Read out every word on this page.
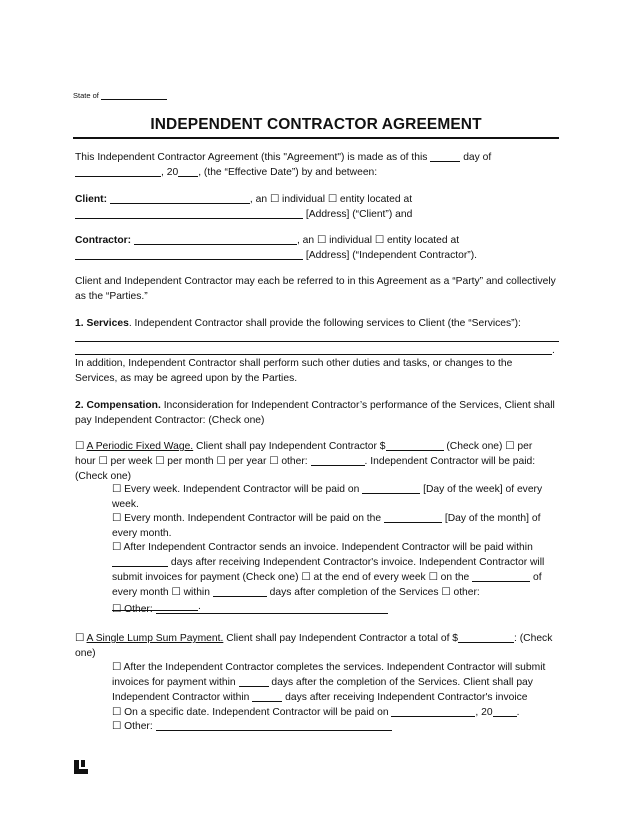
State of
INDEPENDENT CONTRACTOR AGREEMENT
This Independent Contractor Agreement (this "Agreement") is made as of this	day of
, 20 , (the “Effective Date”) by and between:
Client:	, an ☐ individual ☐ entity located at
[Address] (“Client”) and
Contractor:	, an ☐ individual ☐ entity located at
[Address] (“Independent Contractor”).
Client and Independent Contractor may each be referred to in this Agreement as a “Party” and collectively
as the “Parties.”
1. Services. Independent Contractor shall provide the following services to Client (the “Services”):
.
In addition, Independent Contractor shall perform such other duties and tasks, or changes to the
Services, as may be agreed upon by the Parties.
2. Compensation. Inconsideration for Independent Contractor’s performance of the Services, Client shall
pay Independent Contractor: (Check one)
☐ A Periodic Fixed Wage. Client shall pay Independent Contractor $	(Check one) ☐ per
hour ☐ per week ☐ per month ☐ per year ☐ other:	. Independent Contractor will be paid:
(Check one)
☐ Every week. Independent Contractor will be paid on	[Day of the week] of every
week.
☐ Every month. Independent Contractor will be paid on the	[Day of the month] of
every month.
☐ After Independent Contractor sends an invoice. Independent Contractor will be paid within
days after receiving Independent Contractor's invoice. Independent Contractor will
submit invoices for payment (Check one) ☐ at the end of every week ☐ on the	of
every month ☐ within	days after completion of the Services ☐ other:
.
☐ Other:
☐ A Single Lump Sum Payment. Client shall pay Independent Contractor a total of $	: (Check
one)
☐ After the Independent Contractor completes the services. Independent Contractor will submit
invoices for payment within	days after the completion of the Services. Client shall pay
Independent Contractor within	days after receiving Independent Contractor's invoice
☐ On a specific date. Independent Contractor will be paid on	, 20 .
☐ Other:
